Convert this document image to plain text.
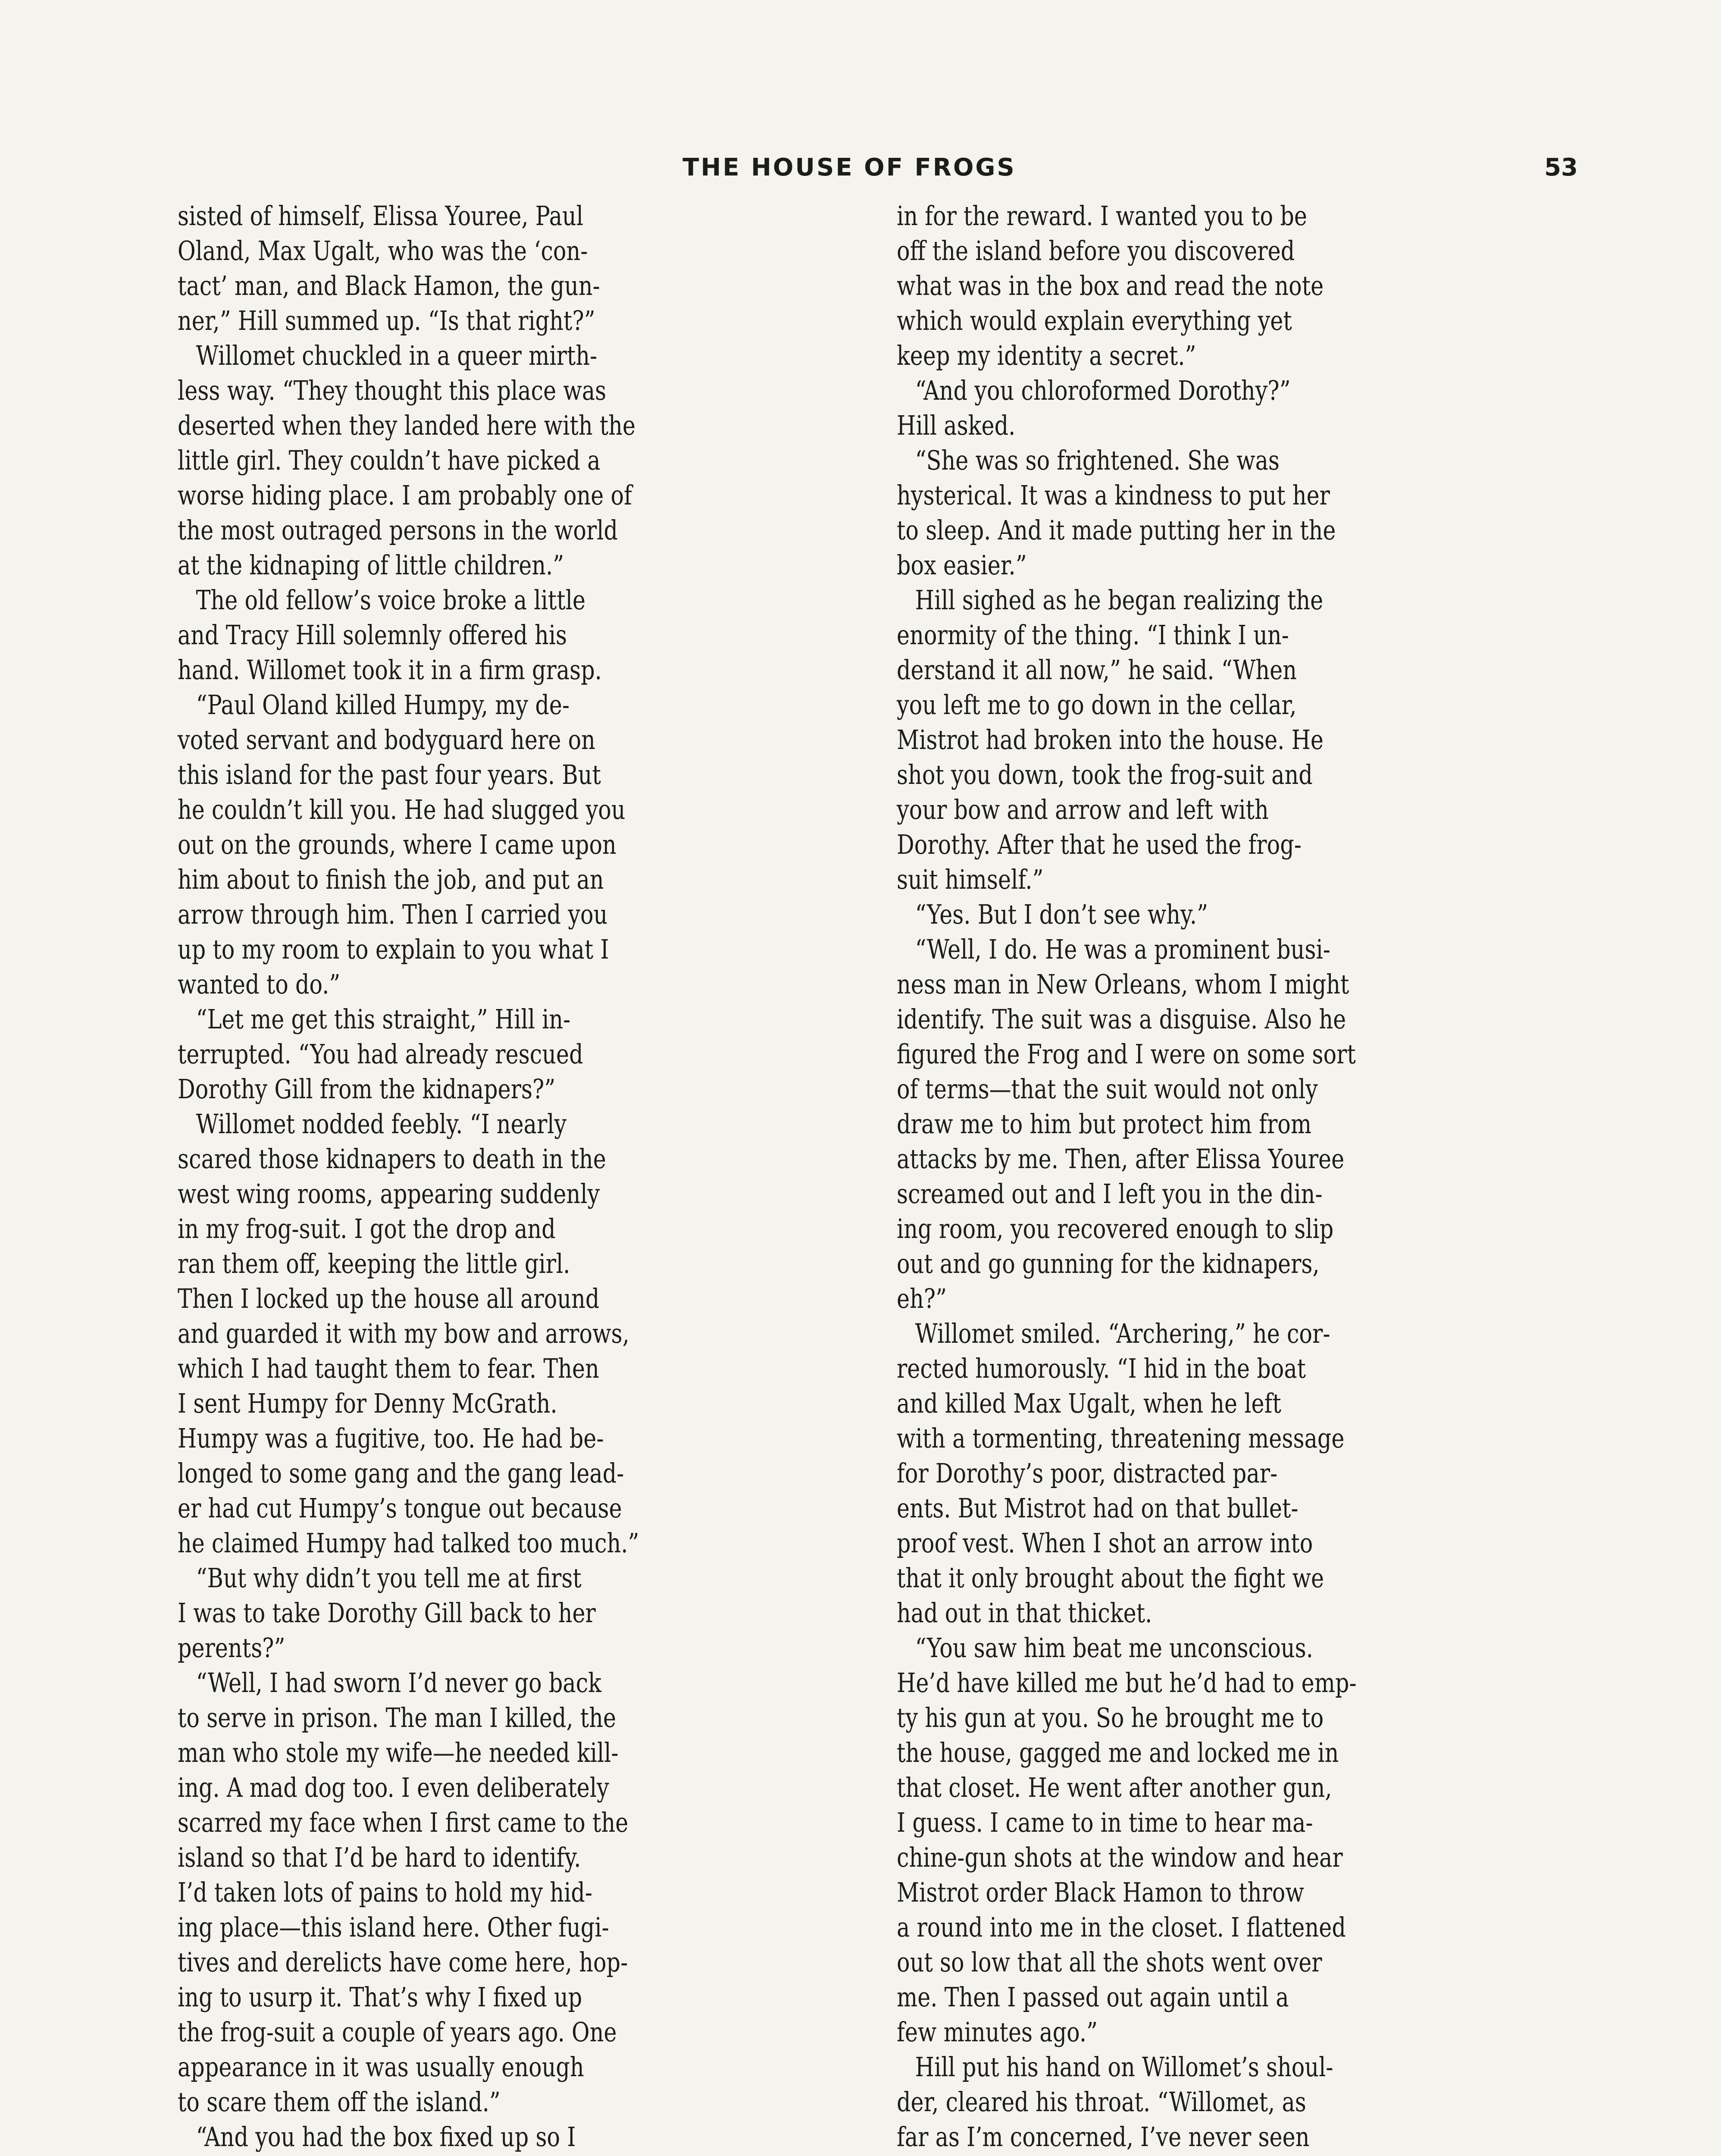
THE HOUSE OF FROGS	53
sisted of himself, Elissa Youree, Paul
Oland, Max Ugalt, who was the ‘con-
tact’ man, and Black Hamon, the gun-
ner,” Hill summed up. “Is that right?”
Willomet chuckled in a queer mirth-
less way. “They thought this place was
deserted when they landed here with the
little girl. They couldn’t have picked a
worse hiding place. I am probably one of
the most outraged persons in the world
at the kidnaping of little children.”
The old fellow’s voice broke a little
and Tracy Hill solemnly offered his
hand. Willomet took it in a firm grasp.
“Paul Oland killed Humpy, my de-
voted servant and bodyguard here on
this island for the past four years. But
he couldn’t kill you. He had slugged you
out on the grounds, where I came upon
him about to finish the job, and put an
arrow through him. Then I carried you
up to my room to explain to you what I
wanted to do.”
“Let me get this straight,” Hill in-
terrupted. “You had already rescued
Dorothy Gill from the kidnapers?”
Willomet nodded feebly. “I nearly
scared those kidnapers to death in the
west wing rooms, appearing suddenly
in my frog-suit. I got the drop and
ran them off, keeping the little girl.
Then I locked up the house all around
and guarded it with my bow and arrows,
which I had taught them to fear. Then
I sent Humpy for Denny McGrath.
Humpy was a fugitive, too. He had be-
longed to some gang and the gang lead-
er had cut Humpy’s tongue out because
he claimed Humpy had talked too much.”
“But why didn’t you tell me at first
I was to take Dorothy Gill back to her
perents?”
“Well, I had sworn I’d never go back
to serve in prison. The man I killed, the
man who stole my wife—he needed kill-
ing. A mad dog too. I even deliberately
scarred my face when I first came to the
island so that I’d be hard to identify.
I’d taken lots of pains to hold my hid-
ing place—this island here. Other fugi-
tives and derelicts have come here, hop-
ing to usurp it. That’s why I fixed up
the frog-suit a couple of years ago. One
appearance in it was usually enough
to scare them off the island.”
“And you had the box fixed up so I
in for the reward. I wanted you to be
off the island before you discovered
what was in the box and read the note
which would explain everything yet
keep my identity a secret.”
“And you chloroformed Dorothy?”
Hill asked.
“She was so frightened. She was
hysterical. It was a kindness to put her
to sleep. And it made putting her in the
box easier.”
Hill sighed as he began realizing the
enormity of the thing. “I think I un-
derstand it all now,” he said. “When
you left me to go down in the cellar,
Mistrot had broken into the house. He
shot you down, took the frog-suit and
your bow and arrow and left with
Dorothy. After that he used the frog-
suit himself.”
“Yes. But I don’t see why.”
“Well, I do. He was a prominent busi-
ness man in New Orleans, whom I might
identify. The suit was a disguise. Also he
figured the Frog and I were on some sort
of terms—that the suit would not only
draw me to him but protect him from
attacks by me. Then, after Elissa Youree
screamed out and I left you in the din-
ing room, you recovered enough to slip
out and go gunning for the kidnapers,
eh?”
Willomet smiled. “Archering,” he cor-
rected humorously. “I hid in the boat
and killed Max Ugalt, when he left
with a tormenting, threatening message
for Dorothy’s poor, distracted par-
ents. But Mistrot had on that bullet-
proof vest. When I shot an arrow into
that it only brought about the fight we
had out in that thicket.
“You saw him beat me unconscious.
He’d have killed me but he’d had to emp-
ty his gun at you. So he brought me to
the house, gagged me and locked me in
that closet. He went after another gun,
I guess. I came to in time to hear ma-
chine-gun shots at the window and hear
Mistrot order Black Hamon to throw
a round into me in the closet. I flattened
out so low that all the shots went over
me. Then I passed out again until a
few minutes ago.”
Hill put his hand on Willomet’s shoul-
der, cleared his throat. “Willomet, as
far as I’m concerned, I’ve never seen
